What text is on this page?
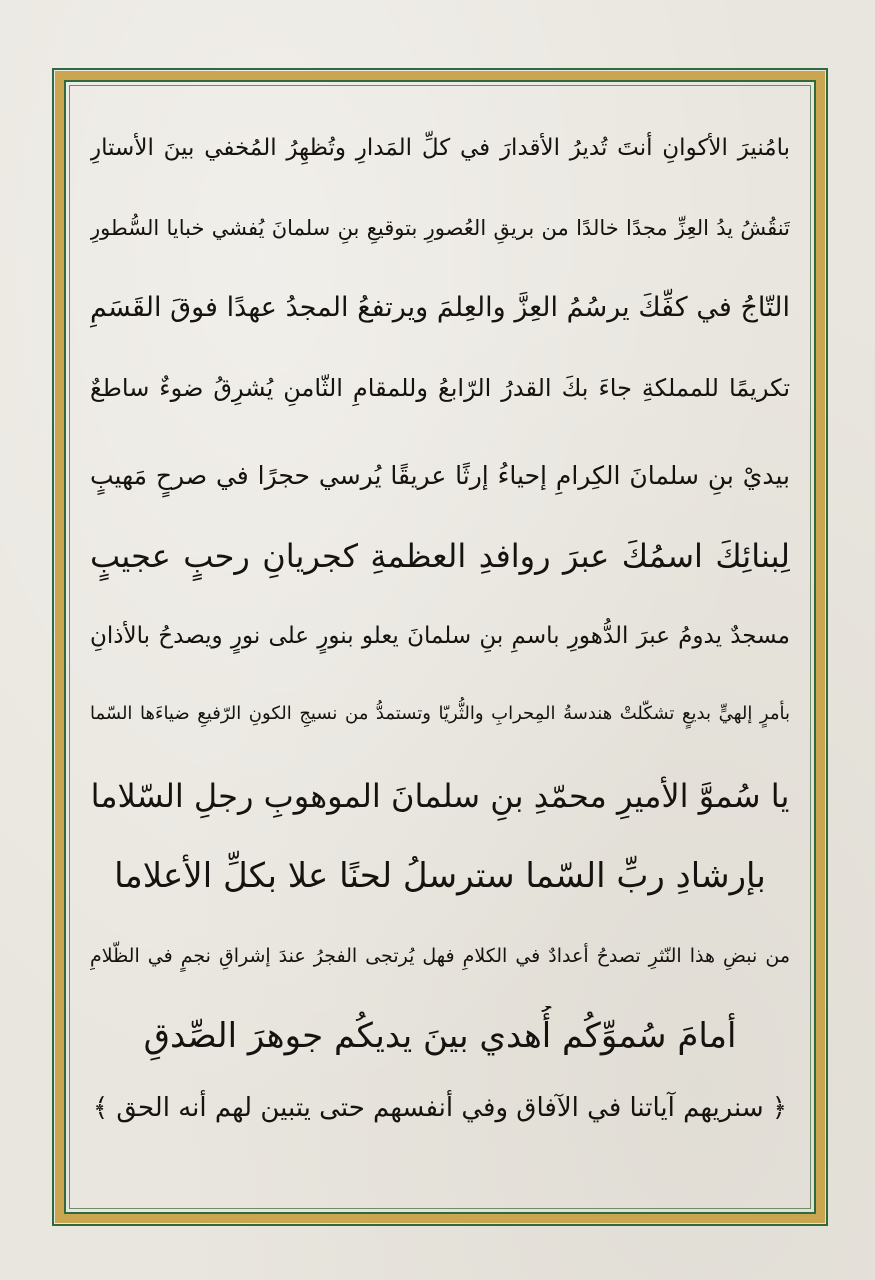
بامُنيرَ الأكوانِ أنتَ تُديرُ الأقدارَ في كلِّ المَدارِ وتُظهِرُ المُخفي بينَ الأستارِ
تَنقُشُ يدُ العِزِّ مجدًا خالدًا من بريقِ العُصورِ بتوقيعِ بنِ سلمانَ يُفشي خبايا السُّطورِ
التّاجُ في كفِّكَ يرسُمُ العِزَّ والعِلمَ ويرتفعُ المجدُ عهدًا فوقَ القَسَمِ
تكريمًا للمملكةِ جاءَ بكَ القدرُ الرّابعُ وللمقامِ الثّامنِ يُشرِقُ ضوءٌ ساطعٌ
بيديْ بنِ سلمانَ الكِرامِ إحياءُ إرثًا عريقًا يُرسي حجرًا في صرحٍ مَهيبٍ
لِبنائِكَ اسمُكَ عبرَ روافدِ العظمةِ كجريانِ رحبٍ عجيبٍ
مسجدٌ يدومُ عبرَ الدُّهورِ باسمِ بنِ سلمانَ يعلو بنورٍ على نورٍ ويصدحُ بالأذانِ
بأمرٍ إلهيٍّ بديعٍ تشكّلتْ هندسةُ المِحرابِ والثُّريّا وتستمدُّ من نسيجِ الكونِ الرّفيعِ ضياءَها السّما
يا سُموَّ الأميرِ محمّدِ بنِ سلمانَ الموهوبِ رجلِ السّلاما
بإرشادِ ربِّ السّما سترسلُ لحنًا علا بكلِّ الأعلاما
من نبضِ هذا النّثرِ تصدحُ أعدادٌ في الكلامِ فهل يُرتجى الفجرُ عندَ إشراقِ نجمٍ في الظّلامِ
أمامَ سُموِّكُم أُهدي بينَ يديكُم جوهرَ الصِّدقِ
﴿ سنريهم آياتنا في الآفاق وفي أنفسهم حتى يتبين لهم أنه الحق ﴾
